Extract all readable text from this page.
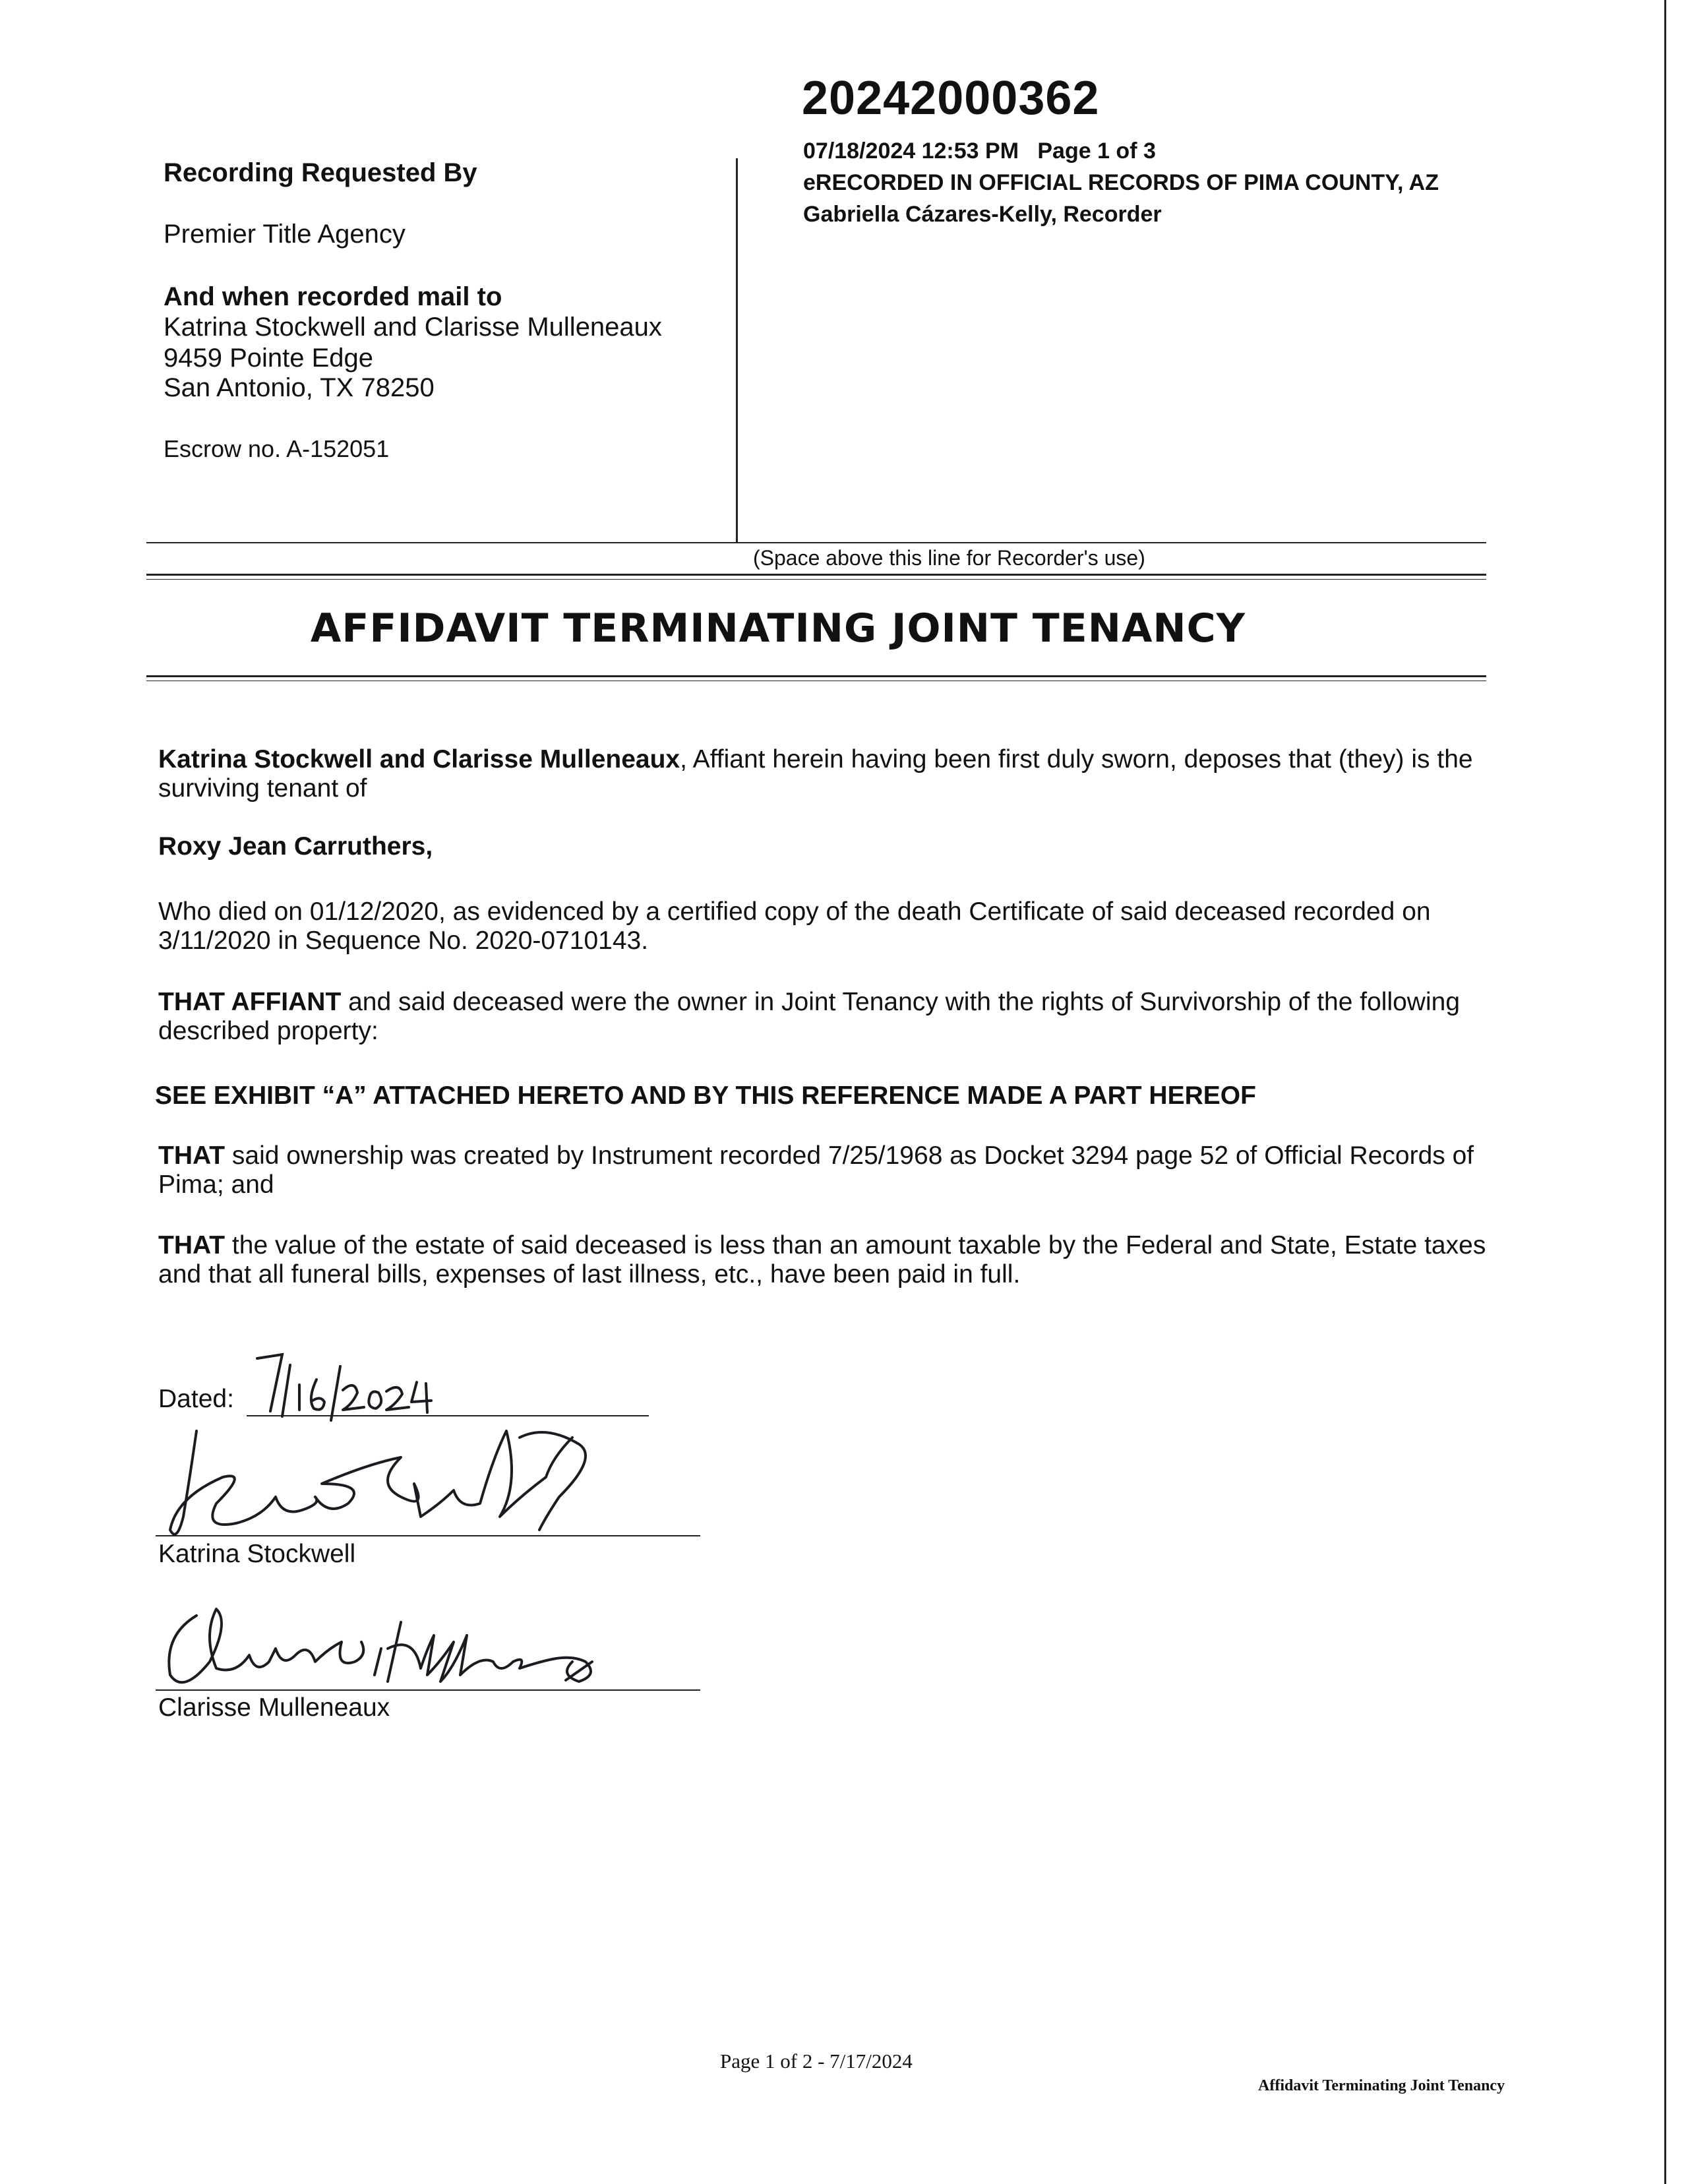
20242000362
07/18/2024 12:53 PM   Page 1 of 3
eRECORDED IN OFFICIAL RECORDS OF PIMA COUNTY, AZ
Gabriella Cázares-Kelly, Recorder
Recording Requested By
Premier Title Agency
And when recorded mail to
Katrina Stockwell and Clarisse Mulleneaux
9459 Pointe Edge
San Antonio, TX 78250
Escrow no. A-152051
(Space above this line for Recorder's use)
AFFIDAVIT TERMINATING JOINT TENANCY
Katrina Stockwell and Clarisse Mulleneaux, Affiant herein having been first duly sworn, deposes that (they) is the surviving tenant of
Roxy Jean Carruthers,
Who died on 01/12/2020, as evidenced by a certified copy of the death Certificate of said deceased recorded on 3/11/2020 in Sequence No. 2020-0710143.
THAT AFFIANT and said deceased were the owner in Joint Tenancy with the rights of Survivorship of the following described property:
SEE EXHIBIT “A” ATTACHED HERETO AND BY THIS REFERENCE MADE A PART HEREOF
THAT said ownership was created by Instrument recorded 7/25/1968 as Docket 3294 page 52 of Official Records of Pima; and
THAT the value of the estate of said deceased is less than an amount taxable by the Federal and State, Estate taxes and that all funeral bills, expenses of last illness, etc., have been paid in full.
Dated:
Katrina Stockwell
Clarisse Mulleneaux
Page 1 of 2 - 7/17/2024
Affidavit Terminating Joint Tenancy
